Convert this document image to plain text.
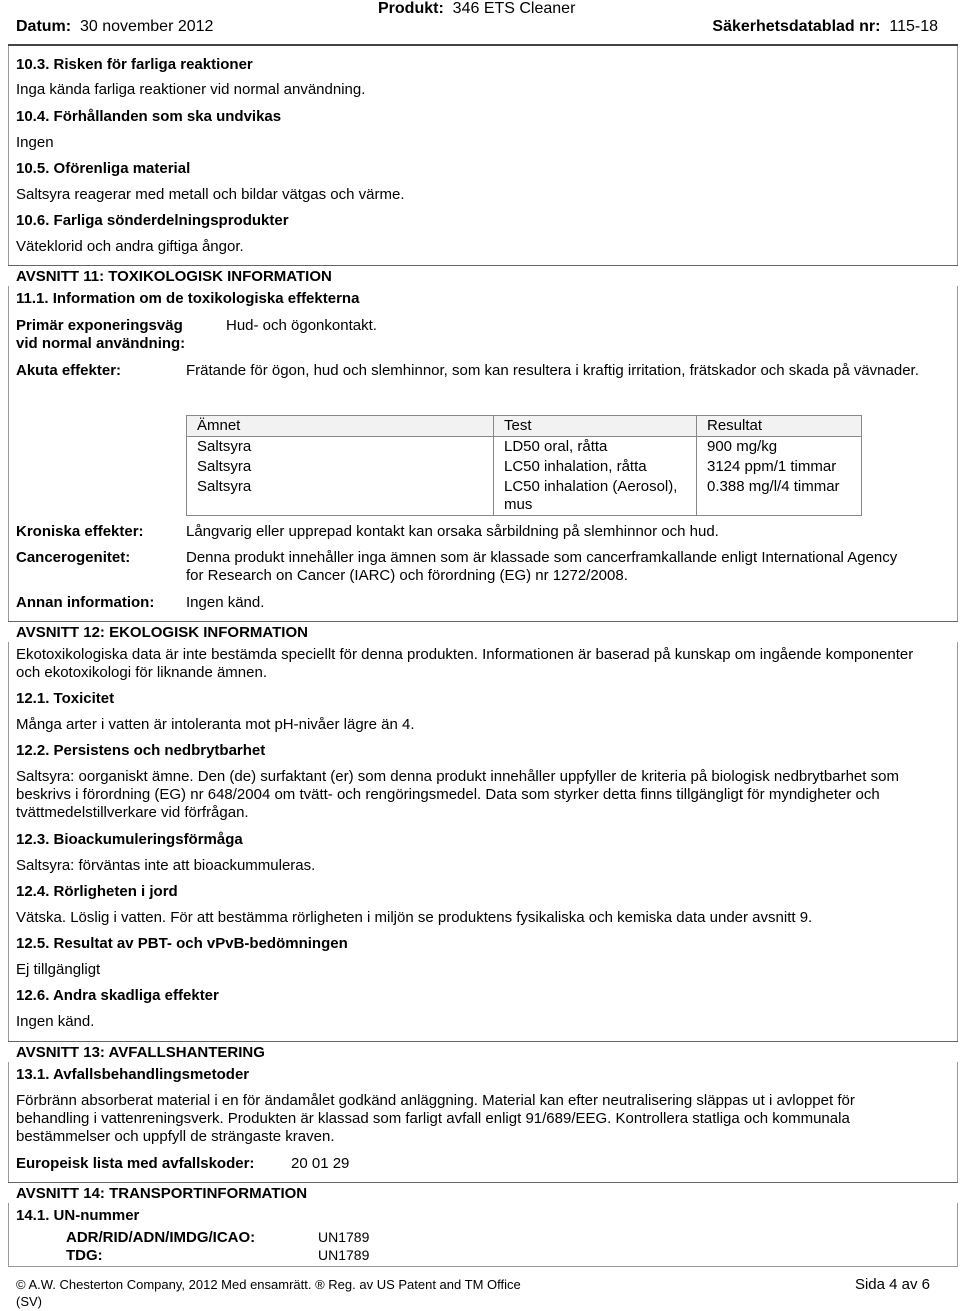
Datum: 30 november 2012
Produkt: 346 ETS Cleaner
Säkerhetsdatablad nr: 115-18
10.3. Risken för farliga reaktioner
Inga kända farliga reaktioner vid normal användning.
10.4. Förhållanden som ska undvikas
Ingen
10.5. Oförenliga material
Saltsyra reagerar med metall och bildar vätgas och värme.
10.6. Farliga sönderdelningsprodukter
Väteklorid och andra giftiga ångor.
AVSNITT 11: TOXIKOLOGISK INFORMATION
11.1. Information om de toxikologiska effekterna
Primär exponeringsväg
vid normal användning:
Hud- och ögonkontakt.
Akuta effekter:	Frätande för ögon, hud och slemhinnor, som kan resultera i kraftig irritation, frätskador och skada på vävnader.
Ämnet	Test	Resultat
Saltsyra	LD50 oral, råtta	900 mg/kg
Saltsyra	LC50 inhalation, råtta	3124 ppm/1 timmar
Saltsyra	LC50 inhalation (Aerosol), mus	0.388 mg/l/4 timmar
Kroniska effekter:	Långvarig eller upprepad kontakt kan orsaka sårbildning på slemhinnor och hud.
Cancerogenitet:	Denna produkt innehåller inga ämnen som är klassade som cancerframkallande enligt International Agency for Research on Cancer (IARC) och förordning (EG) nr 1272/2008.
Annan information: Ingen känd.
AVSNITT 12: EKOLOGISK INFORMATION
Ekotoxikologiska data är inte bestämda speciellt för denna produkten. Informationen är baserad på kunskap om ingående komponenter och ekotoxikologi för liknande ämnen.
12.1. Toxicitet
Många arter i vatten är intoleranta mot pH-nivåer lägre än 4.
12.2. Persistens och nedbrytbarhet
Saltsyra: oorganiskt ämne. Den (de) surfaktant (er) som denna produkt innehåller uppfyller de kriteria på biologisk nedbrytbarhet som beskrivs i förordning (EG) nr 648/2004 om tvätt- och rengöringsmedel. Data som styrker detta finns tillgängligt för myndigheter och tvättmedelstillverkare vid förfrågan.
12.3. Bioackumuleringsförmåga
Saltsyra: förväntas inte att bioackummuleras.
12.4. Rörligheten i jord
Vätska. Löslig i vatten. För att bestämma rörligheten i miljön se produktens fysikaliska och kemiska data under avsnitt 9.
12.5. Resultat av PBT- och vPvB-bedömningen
Ej tillgängligt
12.6. Andra skadliga effekter
Ingen känd.
AVSNITT 13: AVFALLSHANTERING
13.1. Avfallsbehandlingsmetoder
Förbränn absorberat material i en för ändamålet godkänd anläggning. Material kan efter neutralisering släppas ut i avloppet för behandling i vattenreningsverk. Produkten är klassad som farligt avfall enligt 91/689/EEG. Kontrollera statliga och kommunala bestämmelser och uppfyll de strängaste kraven.
Europeisk lista med avfallskoder: 20 01 29
AVSNITT 14: TRANSPORTINFORMATION
14.1. UN-nummer
ADR/RID/ADN/IMDG/ICAO:	UN1789
TDG:	UN1789
© A.W. Chesterton Company, 2012 Med ensamrätt. ® Reg. av US Patent and TM Office
(SV)
Sida 4 av 6
